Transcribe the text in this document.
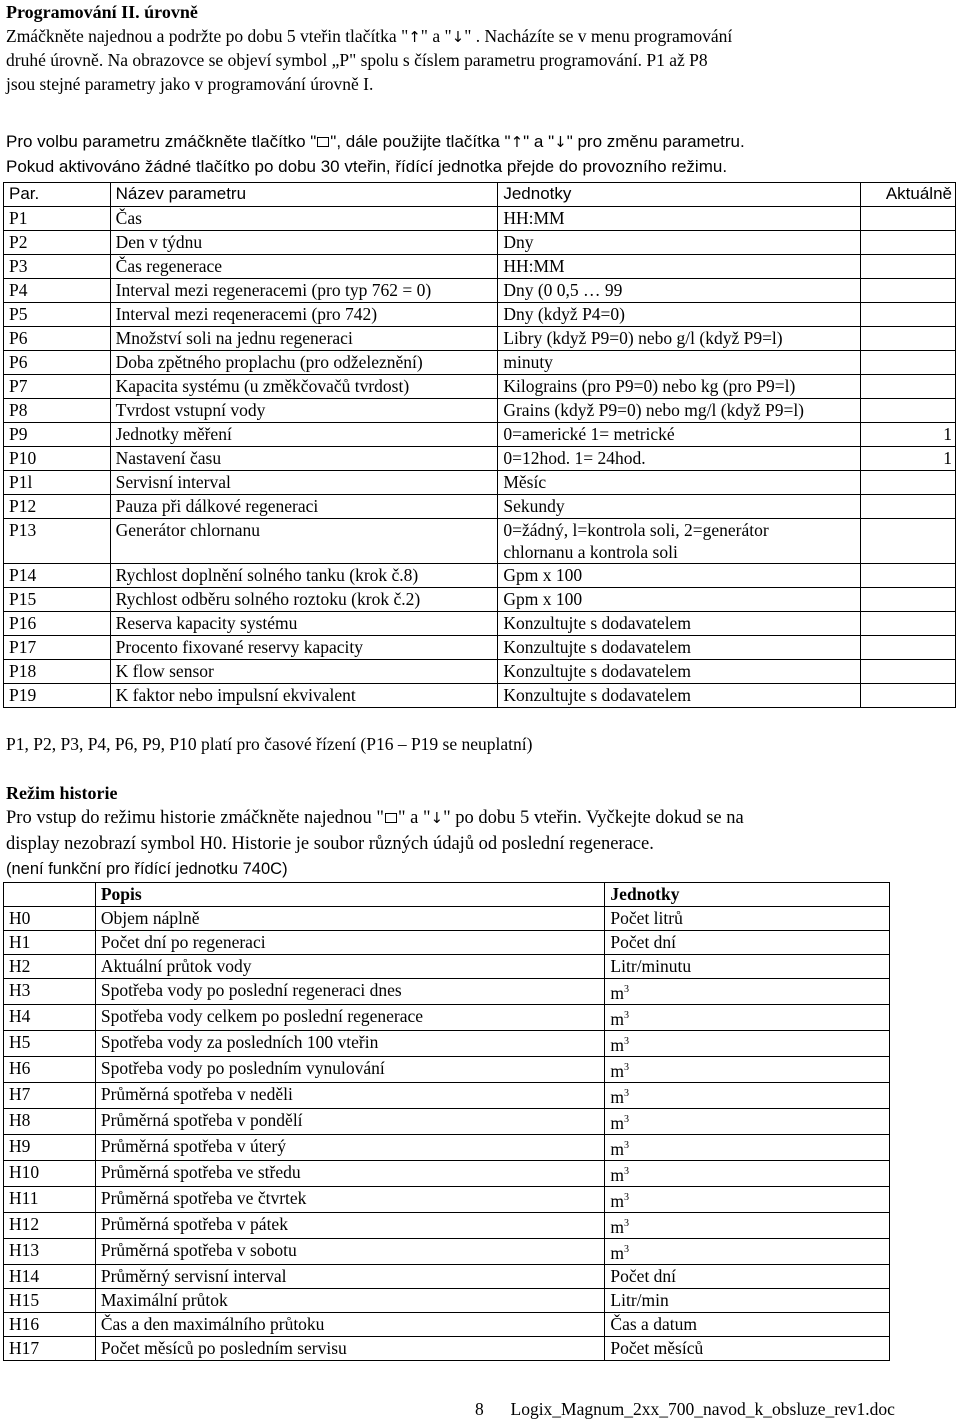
Programování II. úrovně
Zmáčkněte najednou a podržte po dobu 5 vteřin tlačítka "↑" a "↓" . Nacházíte se v menu programování
druhé úrovně. Na obrazovce se objeví symbol „P" spolu s číslem parametru programování. P1 až P8
jsou stejné parametry jako v programování úrovně I.
Pro volbu parametru zmáčkněte tlačítko " ", dále použijte tlačítka "↑" a "↓" pro změnu parametru.
Pokud aktivováno žádné tlačítko po dobu 30 vteřin, řídící jednotka přejde do provozního režimu.
Par.	Název parametru	Jednotky	Aktuálně
P1	Čas	HH:MM	
P2	Den v týdnu	Dny	
P3	Čas regenerace	HH:MM	
P4	Interval mezi regeneracemi (pro typ 762 = 0)	Dny (0 0,5 … 99	
P5	Interval mezi reqeneracemi (pro 742)	Dny (když P4=0)	
P6	Množství soli na jednu regeneraci	Libry (když P9=0) nebo g/l (když P9=l)	
P6	Doba zpětného proplachu (pro odželeznění)	minuty	
P7	Kapacita systému (u změkčovačů tvrdost)	Kilograins (pro P9=0) nebo kg (pro P9=l)	
P8	Tvrdost vstupní vody	Grains (když P9=0) nebo mg/l (když P9=l)	
P9	Jednotky měření	0=americké 1= metrické	1
P10	Nastavení času	0=12hod. 1= 24hod.	1
P1l	Servisní interval	Měsíc	
P12	Pauza při dálkové regeneraci	Sekundy	
P13	Generátor chlornanu	0=žádný, l=kontrola soli, 2=generátor
chlornanu a kontrola soli	

P14	Rychlost doplnění solného tanku (krok č.8)	Gpm x 100	
P15	Rychlost odběru solného roztoku (krok č.2)	Gpm x 100	
P16	Reserva kapacity systému	Konzultujte s dodavatelem	
P17	Procento fixované reservy kapacity	Konzultujte s dodavatelem	
P18	K flow sensor	Konzultujte s dodavatelem	
P19	K faktor nebo impulsní ekvivalent	Konzultujte s dodavatelem	
P1, P2, P3, P4, P6, P9, P10 platí pro časové řízení (P16 – P19 se neuplatní)
Režim historie
Pro vstup do režimu historie zmáčkněte najednou " " a "↓" po dobu 5 vteřin. Vyčkejte dokud se na
display nezobrazí symbol H0. Historie je soubor různých údajů od poslední regenerace.
(není funkční pro řídící jednotku 740C)
	Popis	Jednotky
H0	Objem náplně	Počet litrů
H1	Počet dní po regeneraci	Počet dní
H2	Aktuální průtok vody	Litr/minutu
H3	Spotřeba vody po poslední regeneraci dnes	$m^3$
H4	Spotřeba vody celkem po poslední regenerace	$m^3$
H5	Spotřeba vody za posledních 100 vteřin	$m^3$
H6	Spotřeba vody po posledním vynulování	$m^3$
H7	Průměrná spotřeba v neděli	$m^3$
H8	Průměrná spotřeba v pondělí	$m^3$
H9	Průměrná spotřeba v úterý	$m^3$
H10	Průměrná spotřeba ve středu	$m^3$
H11	Průměrná spotřeba ve čtvrtek	$m^3$
H12	Průměrná spotřeba v pátek	$m^3$
H13	Průměrná spotřeba v sobotu	$m^3$
H14	Průměrný servisní interval	Počet dní
H15	Maximální průtok	Litr/min
H16	Čas a den maximálního průtoku	Čas a datum
H17	Počet měsíců po posledním servisu	Počet měsíců
8 Logix_Magnum_2xx_700_navod_k_obsluze_rev1.doc
